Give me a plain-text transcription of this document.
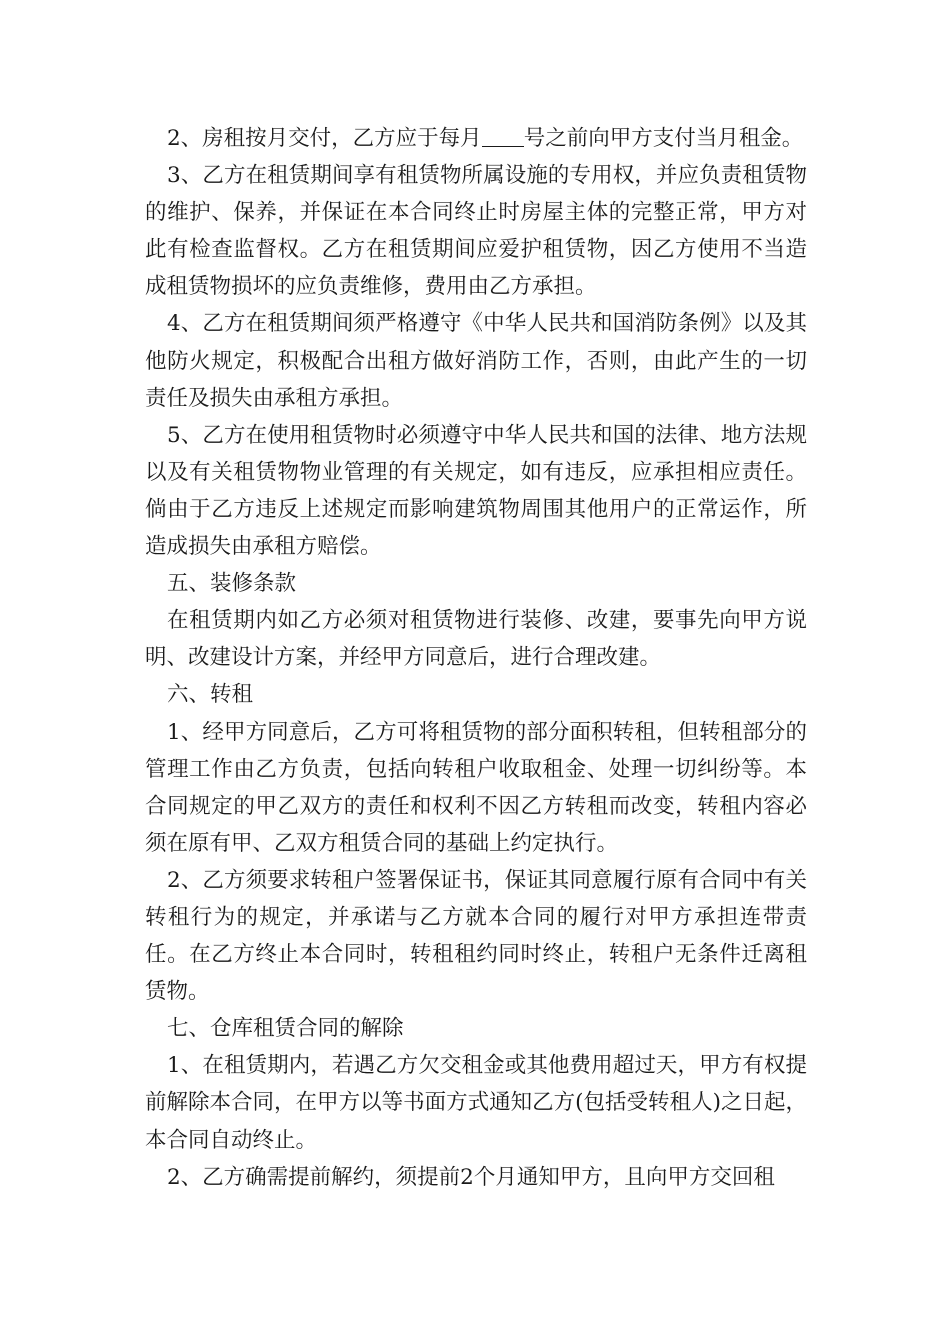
2、房租按月交付，乙方应于每月 号之前向甲方支付当月租金。

3、乙方在租赁期间享有租赁物所属设施的专用权，并应负责租赁物的维护、保养，并保证在本合同终止时房屋主体的完整正常，甲方对此有检查监督权。乙方在租赁期间应爱护租赁物，因乙方使用不当造成租赁物损坏的应负责维修，费用由乙方承担。

4、乙方在租赁期间须严格遵守《中华人民共和国消防条例》以及其他防火规定，积极配合出租方做好消防工作，否则，由此产生的一切责任及损失由承租方承担。

5、乙方在使用租赁物时必须遵守中华人民共和国的法律、地方法规以及有关租赁物物业管理的有关规定，如有违反，应承担相应责任。倘由于乙方违反上述规定而影响建筑物周围其他用户的正常运作，所造成损失由承租方赔偿。

五、装修条款

在租赁期内如乙方必须对租赁物进行装修、改建，要事先向甲方说明、改建设计方案，并经甲方同意后，进行合理改建。

六、转租

1、经甲方同意后，乙方可将租赁物的部分面积转租，但转租部分的管理工作由乙方负责，包括向转租户收取租金、处理一切纠纷等。本合同规定的甲乙双方的责任和权利不因乙方转租而改变，转租内容必须在原有甲、乙双方租赁合同的基础上约定执行。

2、乙方须要求转租户签署保证书，保证其同意履行原有合同中有关转租行为的规定，并承诺与乙方就本合同的履行对甲方承担连带责任。在乙方终止本合同时，转租租约同时终止，转租户无条件迁离租赁物。

七、仓库租赁合同的解除

1、在租赁期内，若遇乙方欠交租金或其他费用超过天，甲方有权提前解除本合同，在甲方以等书面方式通知乙方(包括受转租人)之日起，本合同自动终止。

2、乙方确需提前解约，须提前2个月通知甲方，且向甲方交回租
